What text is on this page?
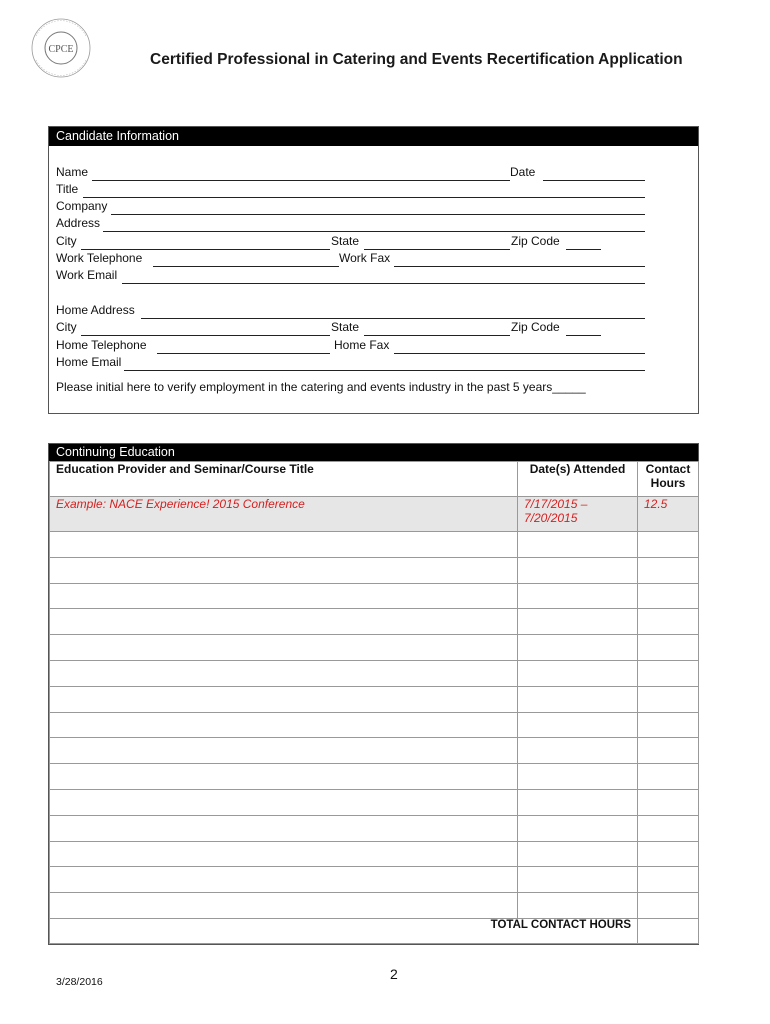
CPCE
Certified Professional in Catering and Events Recertification Application
Candidate Information
Name	Date
Title
Company
Address
City	State	Zip Code
Work Telephone	Work Fax
Work Email
Home Address
City	State	Zip Code
Home Telephone	Home Fax
Home Email
Please initial here to verify employment in the catering and events industry in the past 5 years_____
Continuing Education
Education Provider and Seminar/Course Title	Date(s) Attended	Contact Hours
Example: NACE Experience! 2015 Conference	7/17/2015 – 7/20/2015	12.5

TOTAL CONTACT HOURS		
2
3/28/2016
